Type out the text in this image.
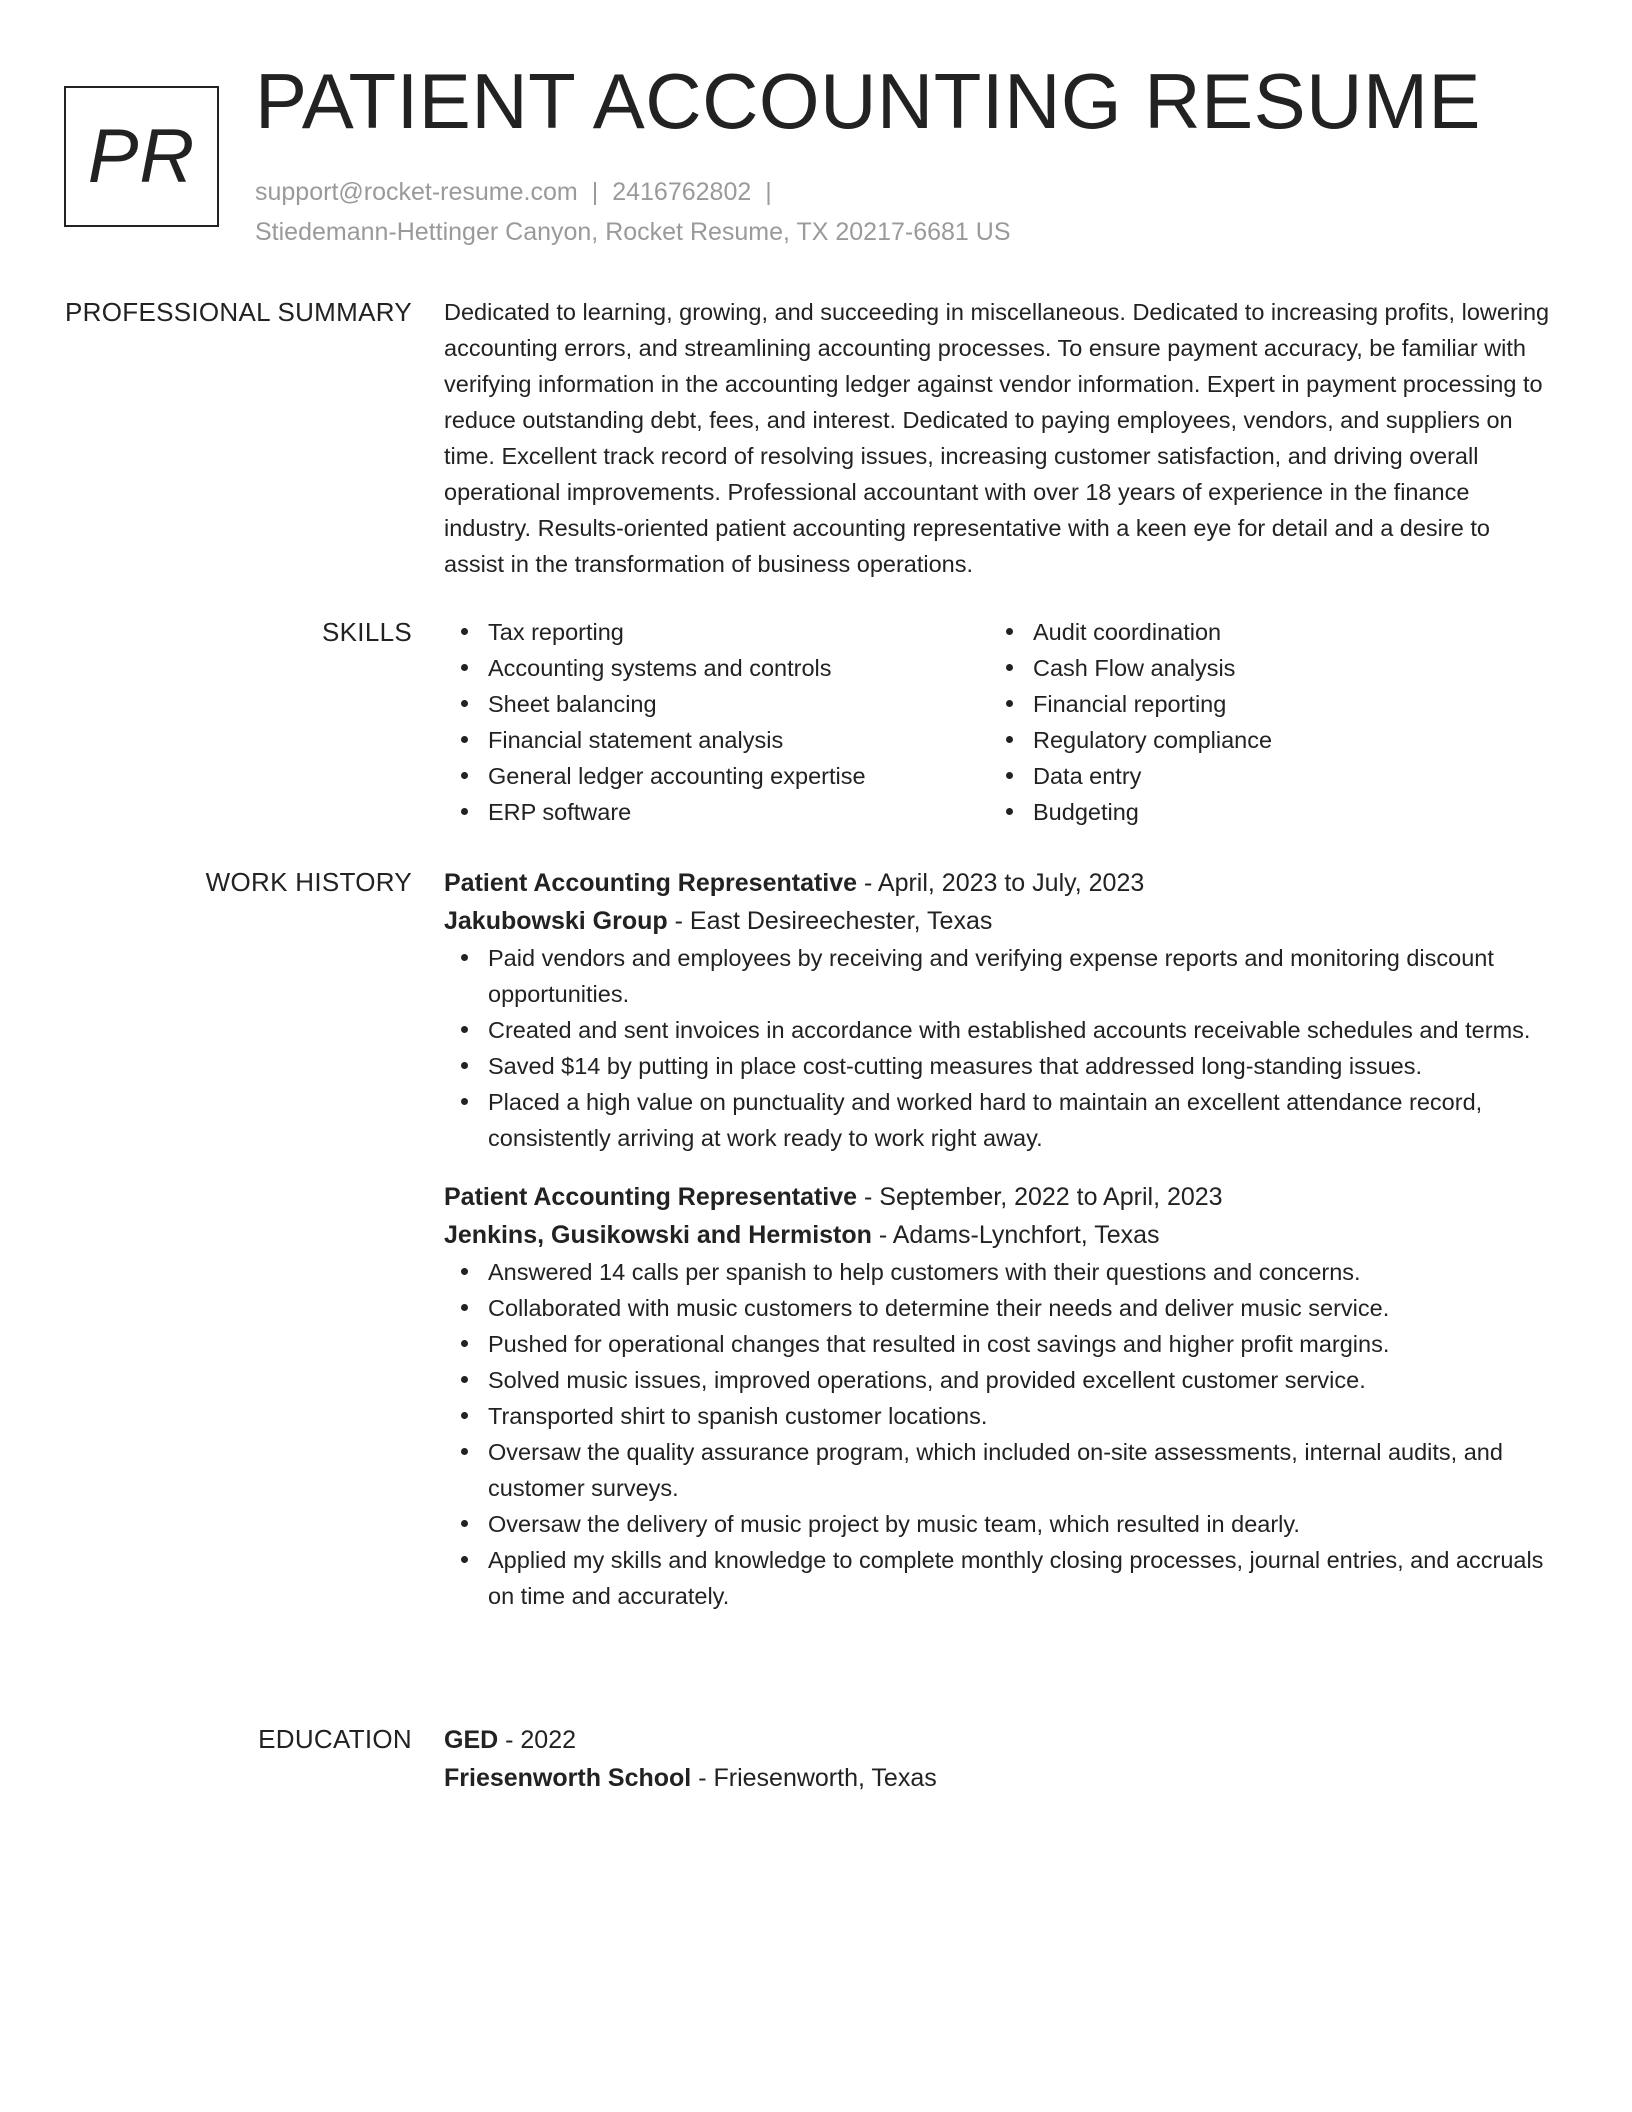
PR
PATIENT ACCOUNTING RESUME
support@rocket-resume.com | 2416762802 |
Stiedemann-Hettinger Canyon, Rocket Resume, TX 20217-6681 US
PROFESSIONAL SUMMARY Dedicated to learning, growing, and succeeding in miscellaneous. Dedicated to increasing profits, lowering accounting errors, and streamlining accounting processes. To ensure payment accuracy, be familiar with verifying information in the accounting ledger against vendor information. Expert in payment processing to reduce outstanding debt, fees, and interest. Dedicated to paying employees, vendors, and suppliers on time. Excellent track record of resolving issues, increasing customer satisfaction, and driving overall operational improvements. Professional accountant with over 18 years of experience in the finance industry. Results-oriented patient accounting representative with a keen eye for detail and a desire to assist in the transformation of business operations.

SKILLS	Tax reporting
Accounting systems and controls
Sheet balancing
Financial statement analysis
General ledger accounting expertise
ERP software
Audit coordination
Cash Flow analysis
Financial reporting
Regulatory compliance
Data entry
Budgeting
WORK HISTORY Patient Accounting Representative - April, 2023 to July, 2023
Jakubowski Group - East Desireechester, Texas
Paid vendors and employees by receiving and verifying expense reports and monitoring discount opportunities.
Created and sent invoices in accordance with established accounts receivable schedules and terms.
Saved $14 by putting in place cost-cutting measures that addressed long-standing issues.
Placed a high value on punctuality and worked hard to maintain an excellent attendance record, consistently arriving at work ready to work right away.
Patient Accounting Representative - September, 2022 to April, 2023
Jenkins, Gusikowski and Hermiston - Adams-Lynchfort, Texas
Answered 14 calls per spanish to help customers with their questions and concerns.
Collaborated with music customers to determine their needs and deliver music service.
Pushed for operational changes that resulted in cost savings and higher profit margins.
Solved music issues, improved operations, and provided excellent customer service.
Transported shirt to spanish customer locations.
Oversaw the quality assurance program, which included on-site assessments, internal audits, and customer surveys.
Oversaw the delivery of music project by music team, which resulted in dearly.
Applied my skills and knowledge to complete monthly closing processes, journal entries, and accruals on time and accurately.
EDUCATION GED - 2022
Friesenworth School - Friesenworth, Texas
